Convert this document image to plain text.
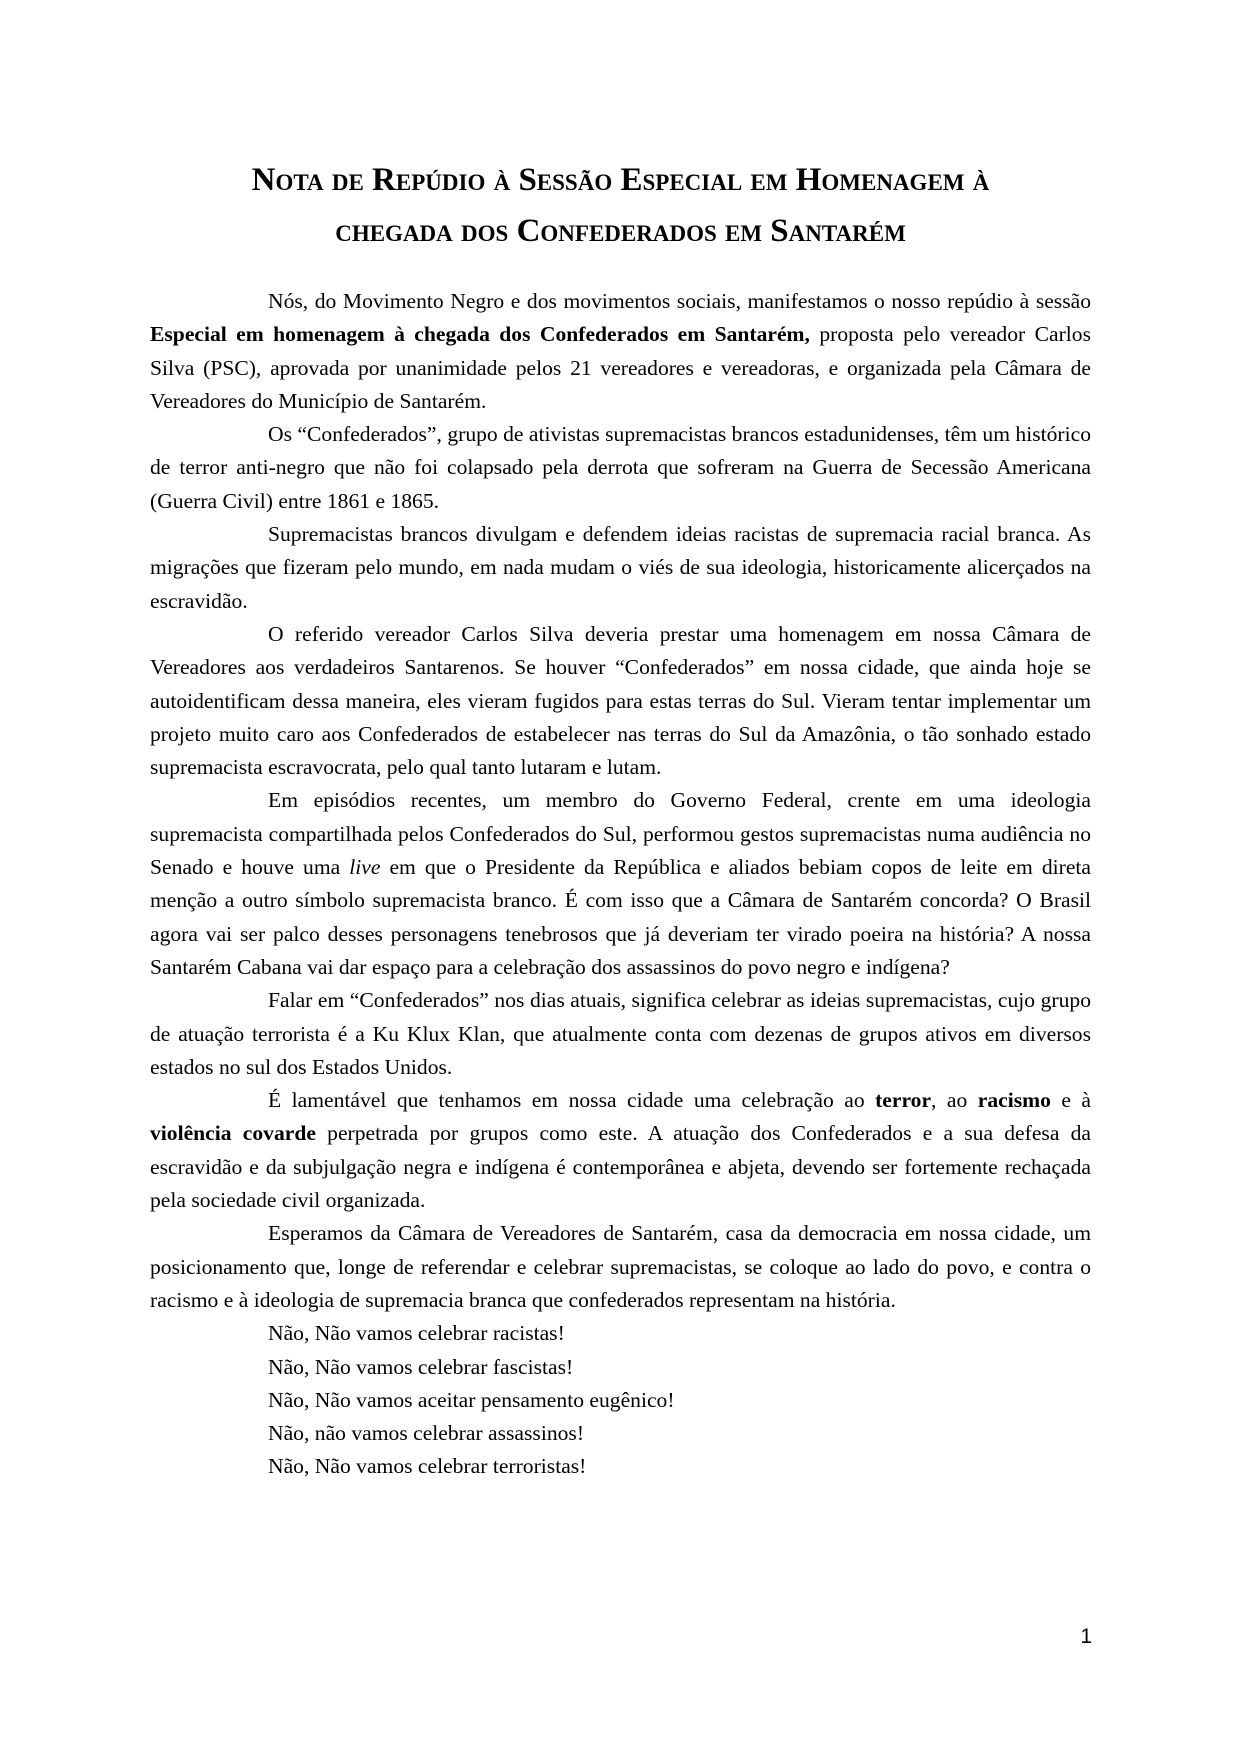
Nota de Repúdio à Sessão Especial em Homenagem à
chegada dos Confederados em Santarém

Nós, do Movimento Negro e dos movimentos sociais, manifestamos o nosso repúdio à sessão Especial em homenagem à chegada dos Confederados em Santarém, proposta pelo vereador Carlos Silva (PSC), aprovada por unanimidade pelos 21 vereadores e vereadoras, e organizada pela Câmara de Vereadores do Município de Santarém.

Os “Confederados”, grupo de ativistas supremacistas brancos estadunidenses, têm um histórico de terror anti-negro que não foi colapsado pela derrota que sofreram na Guerra de Secessão Americana (Guerra Civil) entre 1861 e 1865.

Supremacistas brancos divulgam e defendem ideias racistas de supremacia racial branca. As migrações que fizeram pelo mundo, em nada mudam o viés de sua ideologia, historicamente alicerçados na escravidão.

O referido vereador Carlos Silva deveria prestar uma homenagem em nossa Câmara de Vereadores aos verdadeiros Santarenos. Se houver “Confederados” em nossa cidade, que ainda hoje se autoidentificam dessa maneira, eles vieram fugidos para estas terras do Sul. Vieram tentar implementar um projeto muito caro aos Confederados de estabelecer nas terras do Sul da Amazônia, o tão sonhado estado supremacista escravocrata, pelo qual tanto lutaram e lutam.

Em episódios recentes, um membro do Governo Federal, crente em uma ideologia supremacista compartilhada pelos Confederados do Sul, performou gestos supremacistas numa audiência no Senado e houve uma live em que o Presidente da República e aliados bebiam copos de leite em direta menção a outro símbolo supremacista branco. É com isso que a Câmara de Santarém concorda? O Brasil agora vai ser palco desses personagens tenebrosos que já deveriam ter virado poeira na história? A nossa Santarém Cabana vai dar espaço para a celebração dos assassinos do povo negro e indígena?

Falar em “Confederados” nos dias atuais, significa celebrar as ideias supremacistas, cujo grupo de atuação terrorista é a Ku Klux Klan, que atualmente conta com dezenas de grupos ativos em diversos estados no sul dos Estados Unidos.

É lamentável que tenhamos em nossa cidade uma celebração ao terror, ao racismo e à violência covarde perpetrada por grupos como este. A atuação dos Confederados e a sua defesa da escravidão e da subjulgação negra e indígena é contemporânea e abjeta, devendo ser fortemente rechaçada pela sociedade civil organizada.

Esperamos da Câmara de Vereadores de Santarém, casa da democracia em nossa cidade, um posicionamento que, longe de referendar e celebrar supremacistas, se coloque ao lado do povo, e contra o racismo e à ideologia de supremacia branca que confederados representam na história.

Não, Não vamos celebrar racistas!
Não, Não vamos celebrar fascistas!
Não, Não vamos aceitar pensamento eugênico!
Não, não vamos celebrar assassinos!
Não, Não vamos celebrar terroristas!
1
